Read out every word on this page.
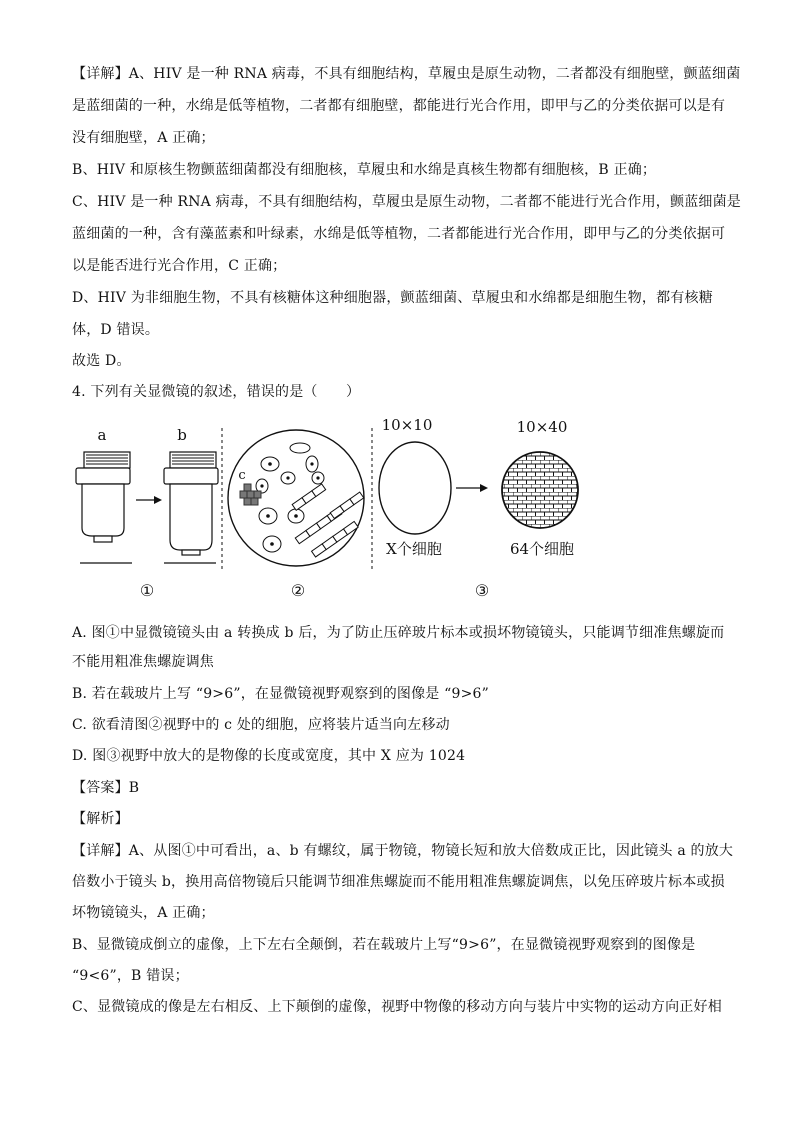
【详解】A、HIV 是一种 RNA 病毒，不具有细胞结构，草履虫是原生动物，二者都没有细胞壁，颤蓝细菌
是蓝细菌的一种，水绵是低等植物，二者都有细胞壁，都能进行光合作用，即甲与乙的分类依据可以是有
没有细胞壁，A 正确；
B、HIV 和原核生物颤蓝细菌都没有细胞核，草履虫和水绵是真核生物都有细胞核，B 正确；
C、HIV 是一种 RNA 病毒，不具有细胞结构，草履虫是原生动物，二者都不能进行光合作用，颤蓝细菌是
蓝细菌的一种，含有藻蓝素和叶绿素，水绵是低等植物，二者都能进行光合作用，即甲与乙的分类依据可
以是能否进行光合作用，C 正确；
D、HIV 为非细胞生物，不具有核糖体这种细胞器，颤蓝细菌、草履虫和水绵都是细胞生物，都有核糖
体，D 错误。
故选 D。
4. 下列有关显微镜的叙述，错误的是（　　）
a	b
c
10×10
X个细胞
10×40
64个细胞
①	②	③
A. 图①中显微镜镜头由 a 转换成 b 后，为了防止压碎玻片标本或损坏物镜镜头，只能调节细准焦螺旋而
不能用粗准焦螺旋调焦
B. 若在载玻片上写 “9>6”，在显微镜视野观察到的图像是 “9>6”
C. 欲看清图②视野中的 c 处的细胞，应将装片适当向左移动
D. 图③视野中放大的是物像的长度或宽度，其中 X 应为 1024
【答案】B
【解析】
【详解】A、从图①中可看出，a、b 有螺纹，属于物镜，物镜长短和放大倍数成正比，因此镜头 a 的放大
倍数小于镜头 b，换用高倍物镜后只能调节细准焦螺旋而不能用粗准焦螺旋调焦，以免压碎玻片标本或损
坏物镜镜头，A 正确；
B、显微镜成倒立的虚像，上下左右全颠倒，若在载玻片上写“9>6”，在显微镜视野观察到的图像是
“9<6”，B 错误；
C、显微镜成的像是左右相反、上下颠倒的虚像，视野中物像的移动方向与装片中实物的运动方向正好相
